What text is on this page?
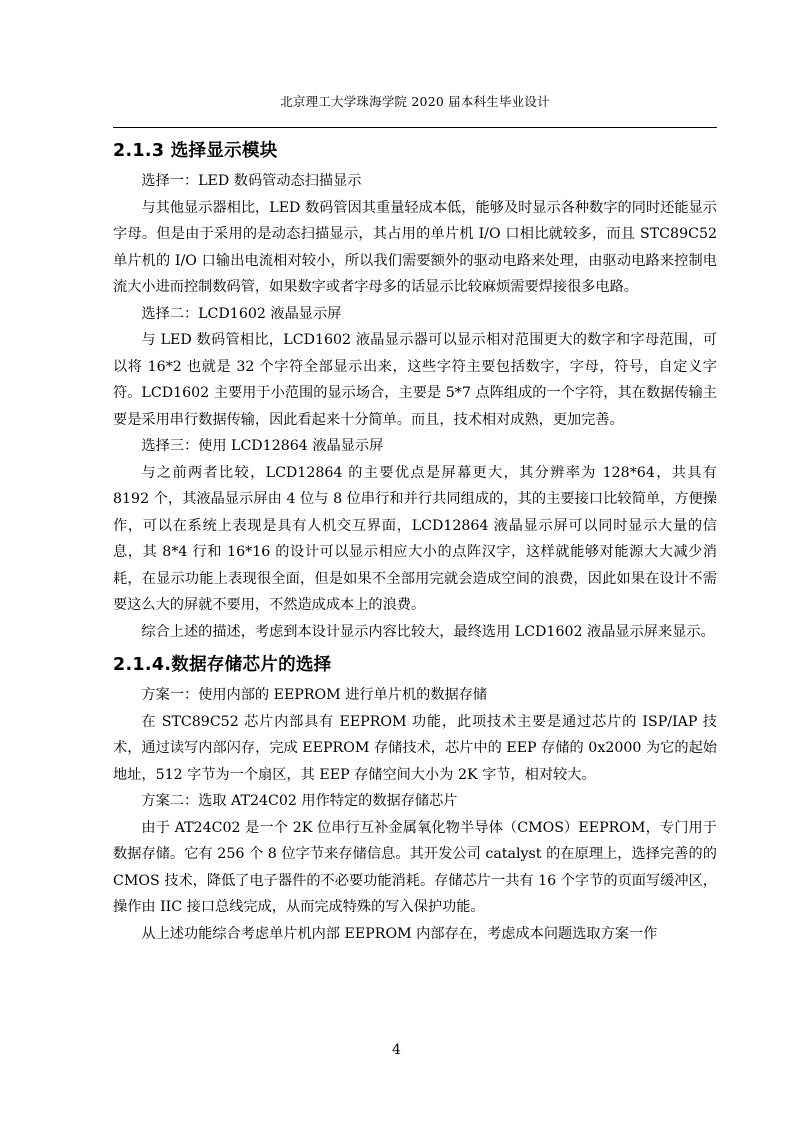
北京理工大学珠海学院 2020 届本科生毕业设计
2.1.3 选择显示模块

选择一：LED 数码管动态扫描显示

与其他显示器相比，LED 数码管因其重量轻成本低，能够及时显示各种数字的同时还能显示字母。但是由于采用的是动态扫描显示，其占用的单片机 I/O 口相比就较多，而且 STC89C52 单片机的 I/O 口输出电流相对较小，所以我们需要额外的驱动电路来处理，由驱动电路来控制电流大小进而控制数码管，如果数字或者字母多的话显示比较麻烦需要焊接很多电路。

选择二：LCD1602 液晶显示屏

与 LED 数码管相比，LCD1602 液晶显示器可以显示相对范围更大的数字和字母范围，可以将 16*2 也就是 32 个字符全部显示出来，这些字符主要包括数字，字母，符号，自定义字符。LCD1602 主要用于小范围的显示场合，主要是 5*7 点阵组成的一个字符，其在数据传输主要是采用串行数据传输，因此看起来十分简单。而且，技术相对成熟，更加完善。

选择三：使用 LCD12864 液晶显示屏

与之前两者比较，LCD12864 的主要优点是屏幕更大，其分辨率为 128*64，共具有 8192 个，其液晶显示屏由 4 位与 8 位串行和并行共同组成的，其的主要接口比较简单，方便操作，可以在系统上表现是具有人机交互界面，LCD12864 液晶显示屏可以同时显示大量的信息，其 8*4 行和 16*16 的设计可以显示相应大小的点阵汉字，这样就能够对能源大大减少消耗，在显示功能上表现很全面，但是如果不全部用完就会造成空间的浪费，因此如果在设计不需要这么大的屏就不要用，不然造成成本上的浪费。

综合上述的描述，考虑到本设计显示内容比较大，最终选用 LCD1602 液晶显示屏来显示。

2.1.4.数据存储芯片的选择

方案一：使用内部的 EEPROM 进行单片机的数据存储

在 STC89C52 芯片内部具有 EEPROM 功能，此项技术主要是通过芯片的 ISP/IAP 技术，通过读写内部闪存，完成 EEPROM 存储技术，芯片中的 EEP 存储的 0x2000 为它的起始地址，512 字节为一个扇区，其 EEP 存储空间大小为 2K 字节，相对较大。

方案二：选取 AT24C02 用作特定的数据存储芯片

由于 AT24C02 是一个 2K 位串行互补金属氧化物半导体（CMOS）EEPROM，专门用于数据存储。它有 256 个 8 位字节来存储信息。其开发公司 catalyst 的在原理上，选择完善的的 CMOS 技术，降低了电子器件的不必要功能消耗。存储芯片一共有 16 个字节的页面写缓冲区，操作由 IIC 接口总线完成，从而完成特殊的写入保护功能。

从上述功能综合考虑单片机内部 EEPROM 内部存在，考虑成本问题选取方案一作

4
